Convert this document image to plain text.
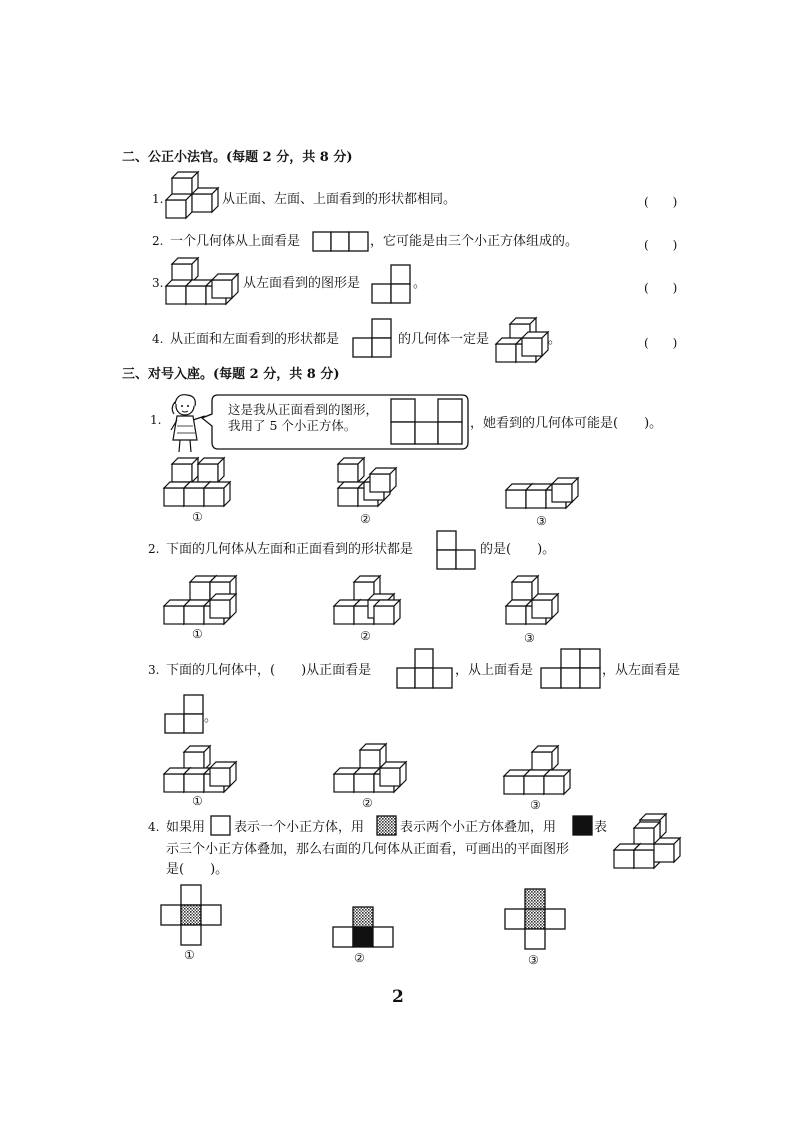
二、公正小法官。(每题 2 分，共 8 分)
1.	从正面、左面、上面看到的形状都相同。	(　　)
2. 一个几何体从上面看是	，它可能是由三个小正方体组成的。	(　　)
3.	从左面看到的图形是	。	(　　)
4. 从正面和左面看到的形状都是	的几何体一定是	。	(　　)
三、对号入座。(每题 2 分，共 8 分)
1.
这是我从正面看到的图形，
我用了 5 个小正方体。	，她看到的几何体可能是(　　)。
①	②	③
2. 下面的几何体从左面和正面看到的形状都是	的是(　　)。
①	②	③
3. 下面的几何体中，(　　)从正面看是	，从上面看是	，从左面看是
。
①	②	③
4. 如果用 表示一个小正方体，用	表示两个小正方体叠加，用	表
示三个小正方体叠加，那么右面的几何体从正面看，可画出的平面图形
是(　　)。
①	②	③
2
